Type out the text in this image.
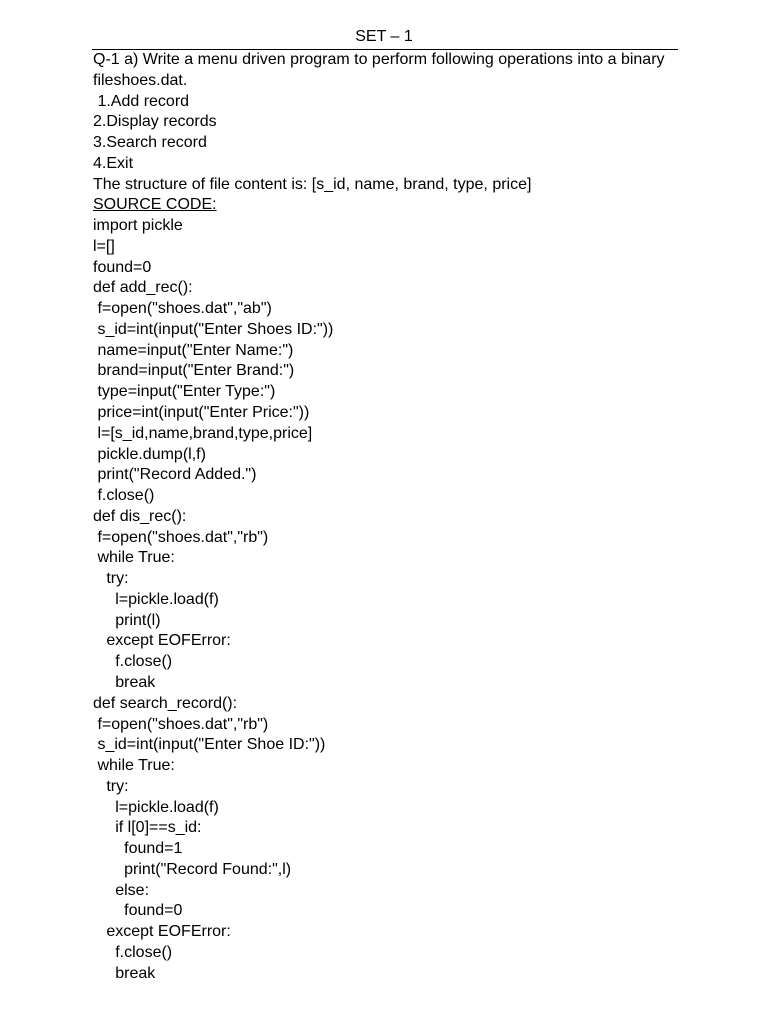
SET – 1
Q-1 a) Write a menu driven program to perform following operations into a binary
fileshoes.dat.
1.Add record
2.Display records
3.Search record
4.Exit
The structure of file content is: [s_id, name, brand, type, price]
SOURCE CODE:
import pickle
l=[]
found=0
def add_rec():
f=open("shoes.dat","ab")
s_id=int(input("Enter Shoes ID:"))
name=input("Enter Name:")
brand=input("Enter Brand:")
type=input("Enter Type:")
price=int(input("Enter Price:"))
l=[s_id,name,brand,type,price]
pickle.dump(l,f)
print("Record Added.")
f.close()
def dis_rec():
f=open("shoes.dat","rb")
while True:
try:
l=pickle.load(f)
print(l)
except EOFError:
f.close()
break
def search_record():
f=open("shoes.dat","rb")
s_id=int(input("Enter Shoe ID:"))
while True:
try:
l=pickle.load(f)
if l[0]==s_id:
found=1
print("Record Found:",l)
else:
found=0
except EOFError:
f.close()
break
